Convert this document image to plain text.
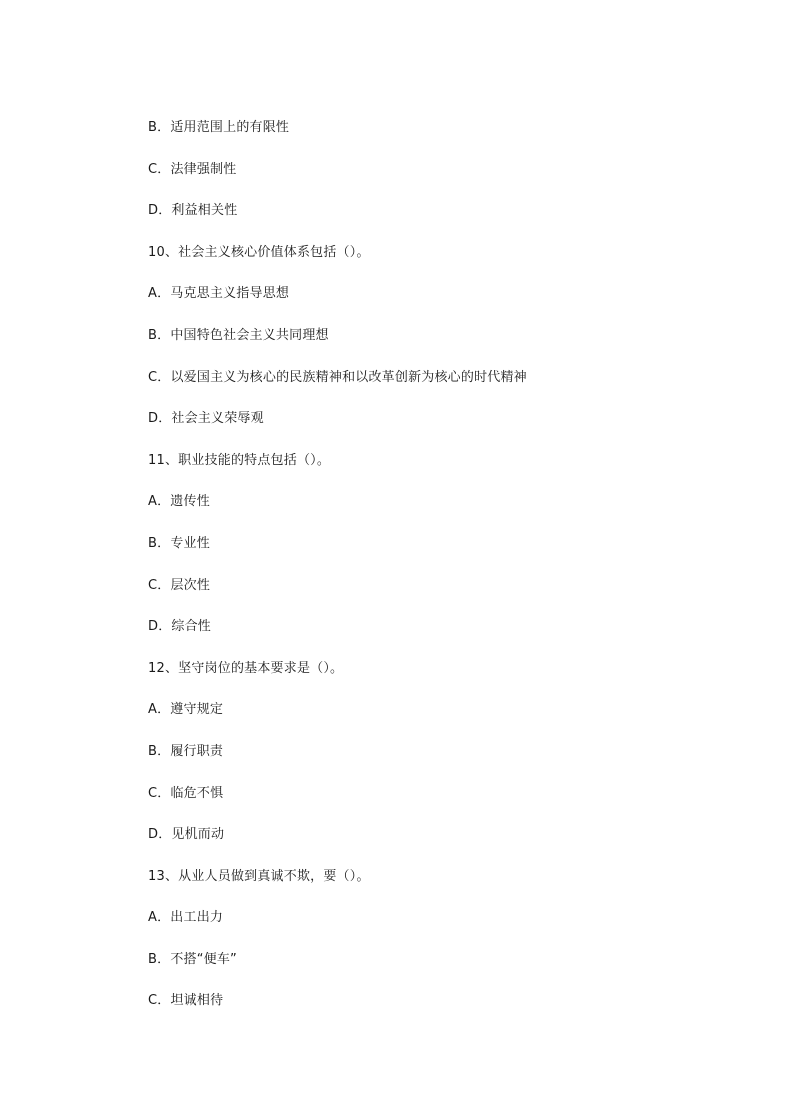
B．适用范围上的有限性
C．法律强制性
D．利益相关性
10、社会主义核心价值体系包括（）。
A．马克思主义指导思想
B．中国特色社会主义共同理想
C．以爱国主义为核心的民族精神和以改革创新为核心的时代精神
D．社会主义荣辱观
11、职业技能的特点包括（）。
A．遗传性
B．专业性
C．层次性
D．综合性
12、坚守岗位的基本要求是（）。
A．遵守规定
B．履行职责
C．临危不惧
D．见机而动
13、从业人员做到真诚不欺，要（）。
A．出工出力
B．不搭“便车”
C．坦诚相待
